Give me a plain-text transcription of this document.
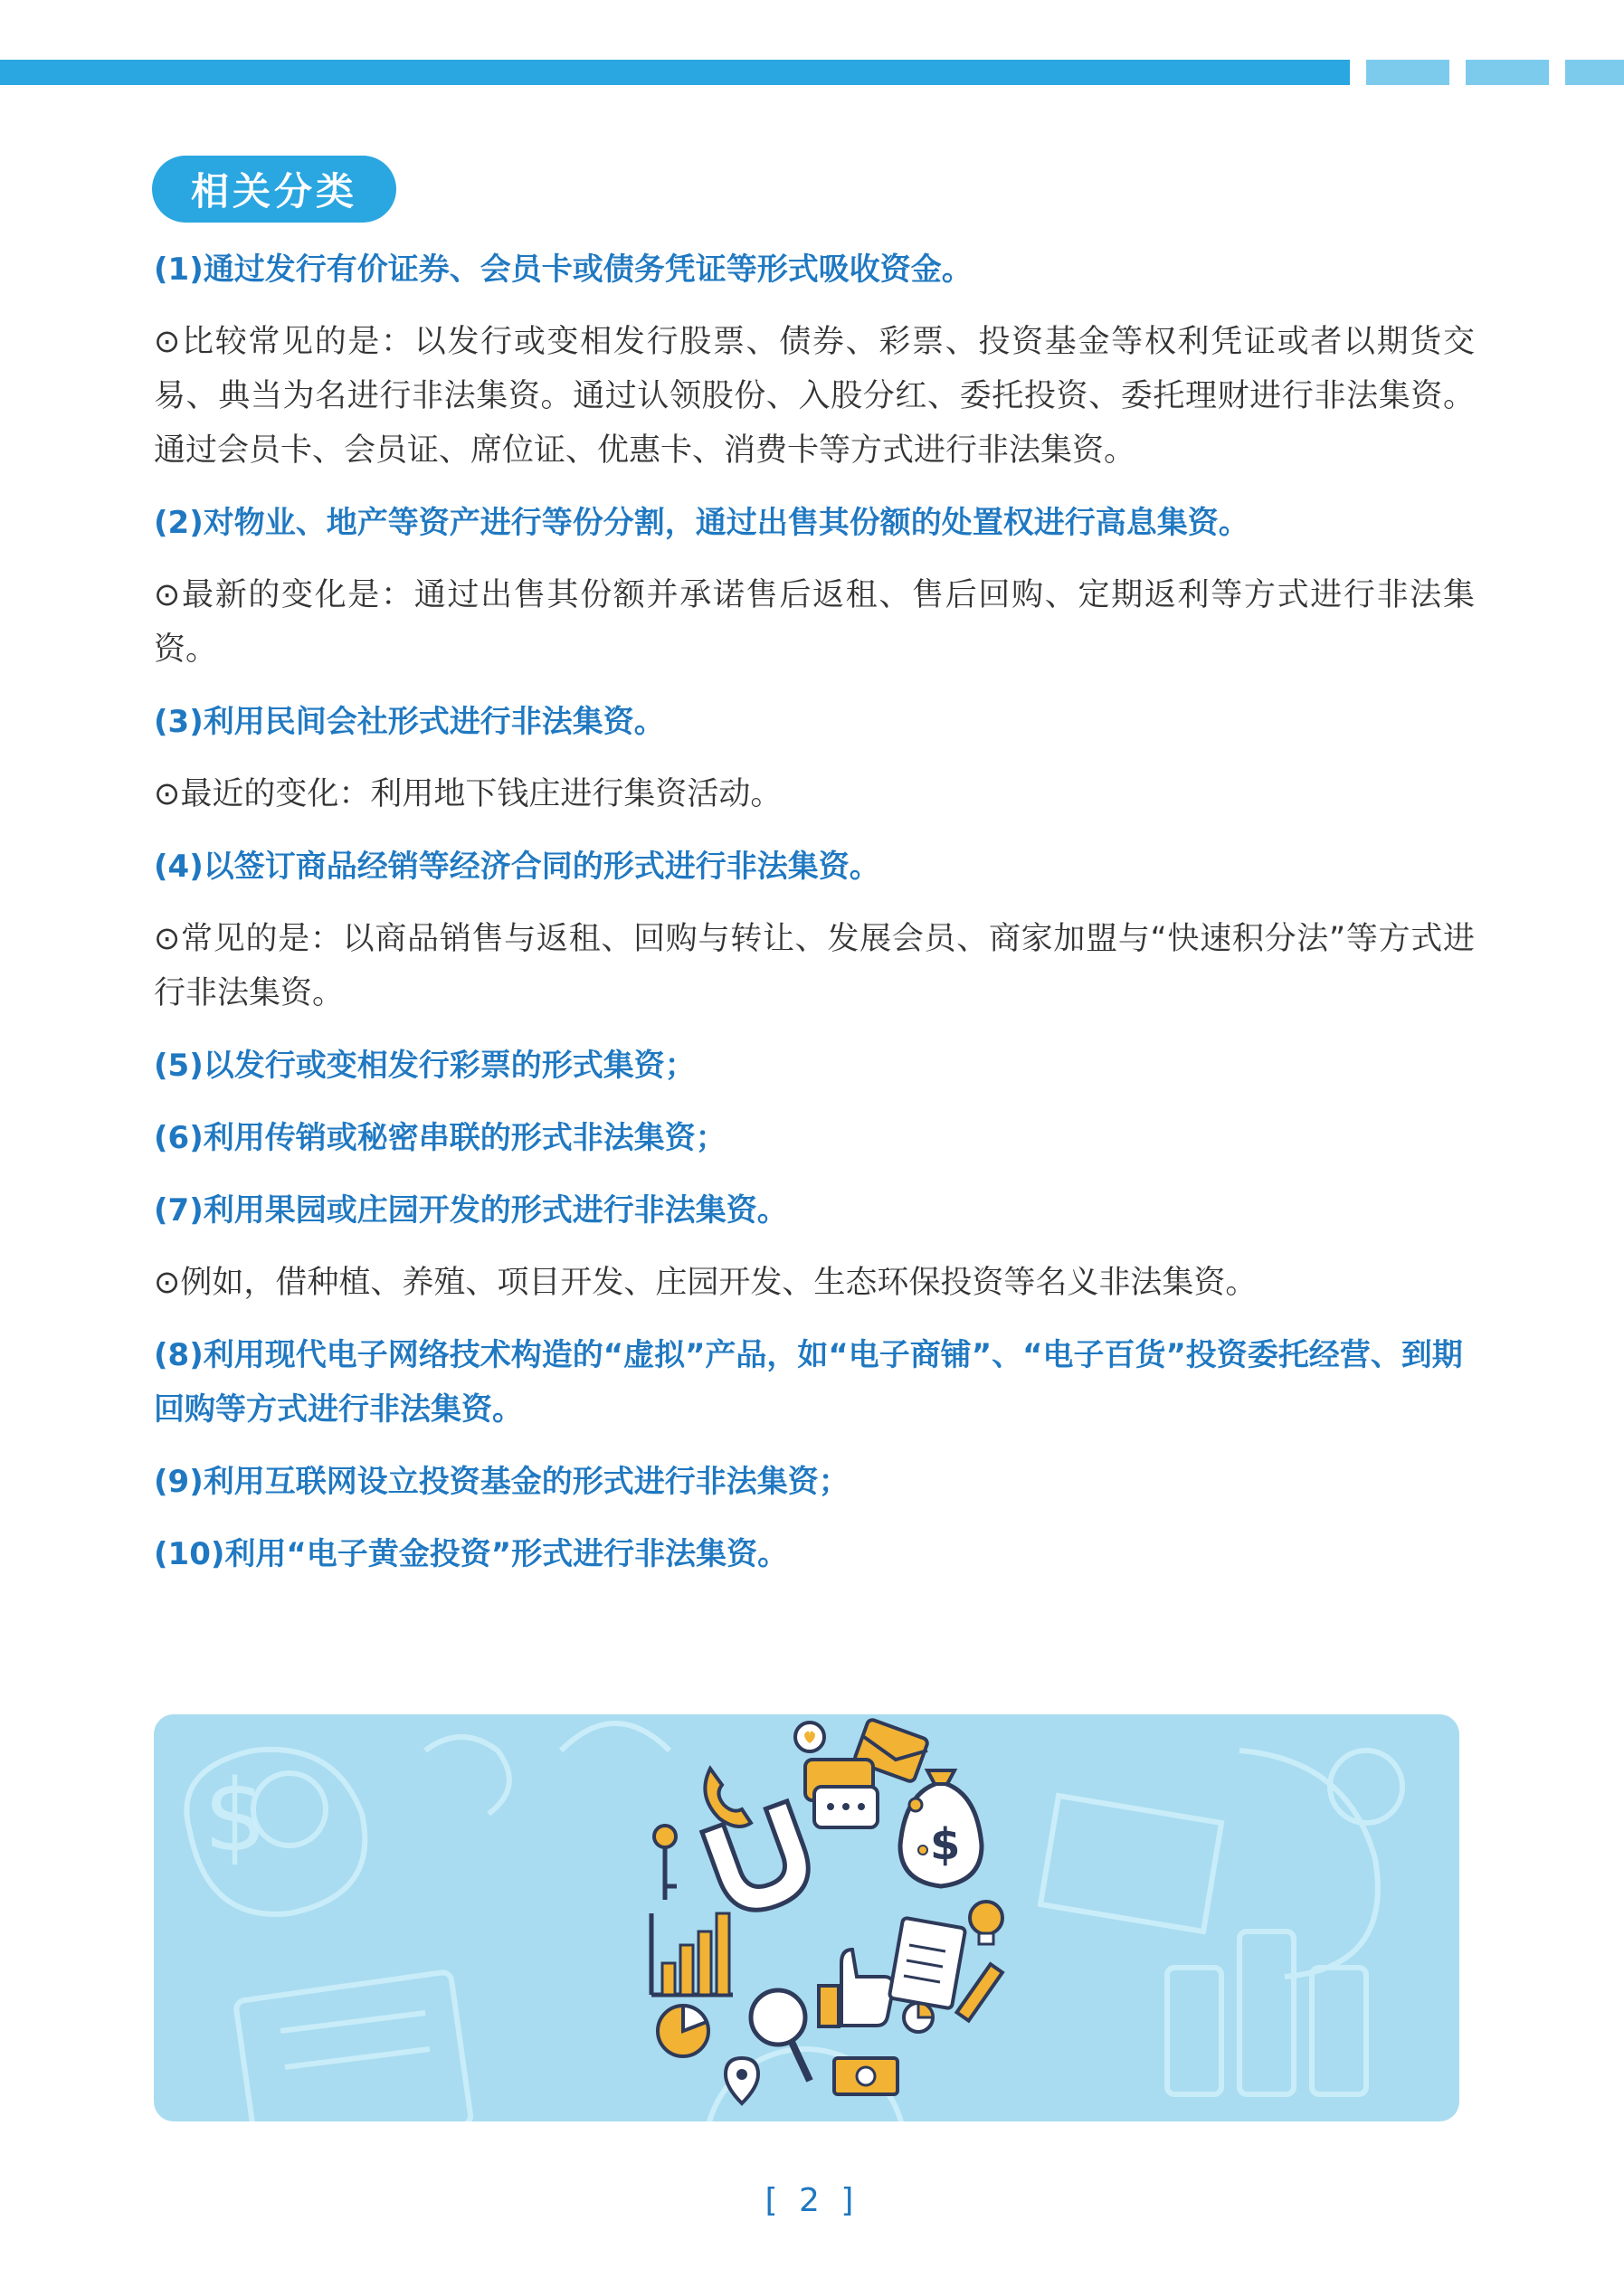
相关分类
(1)通过发行有价证券、会员卡或债务凭证等形式吸收资金。
⊙比较常见的是：以发行或变相发行股票、债券、彩票、投资基金等权利凭证或者以期货交易、典当为名进行非法集资。通过认领股份、入股分红、委托投资、委托理财进行非法集资。通过会员卡、会员证、席位证、优惠卡、消费卡等方式进行非法集资。
(2)对物业、地产等资产进行等份分割，通过出售其份额的处置权进行高息集资。
⊙最新的变化是：通过出售其份额并承诺售后返租、售后回购、定期返利等方式进行非法集资。
(3)利用民间会社形式进行非法集资。
⊙最近的变化：利用地下钱庄进行集资活动。
(4)以签订商品经销等经济合同的形式进行非法集资。
⊙常见的是：以商品销售与返租、回购与转让、发展会员、商家加盟与“快速积分法”等方式进行非法集资。
(5)以发行或变相发行彩票的形式集资；
(6)利用传销或秘密串联的形式非法集资；
(7)利用果园或庄园开发的形式进行非法集资。
⊙例如，借种植、养殖、项目开发、庄园开发、生态环保投资等名义非法集资。
(8)利用现代电子网络技术构造的“虚拟”产品，如“电子商铺”、“电子百货”投资委托经营、到期回购等方式进行非法集资。
(9)利用互联网设立投资基金的形式进行非法集资；
(10)利用“电子黄金投资”形式进行非法集资。
$	$
[ 2 ]
